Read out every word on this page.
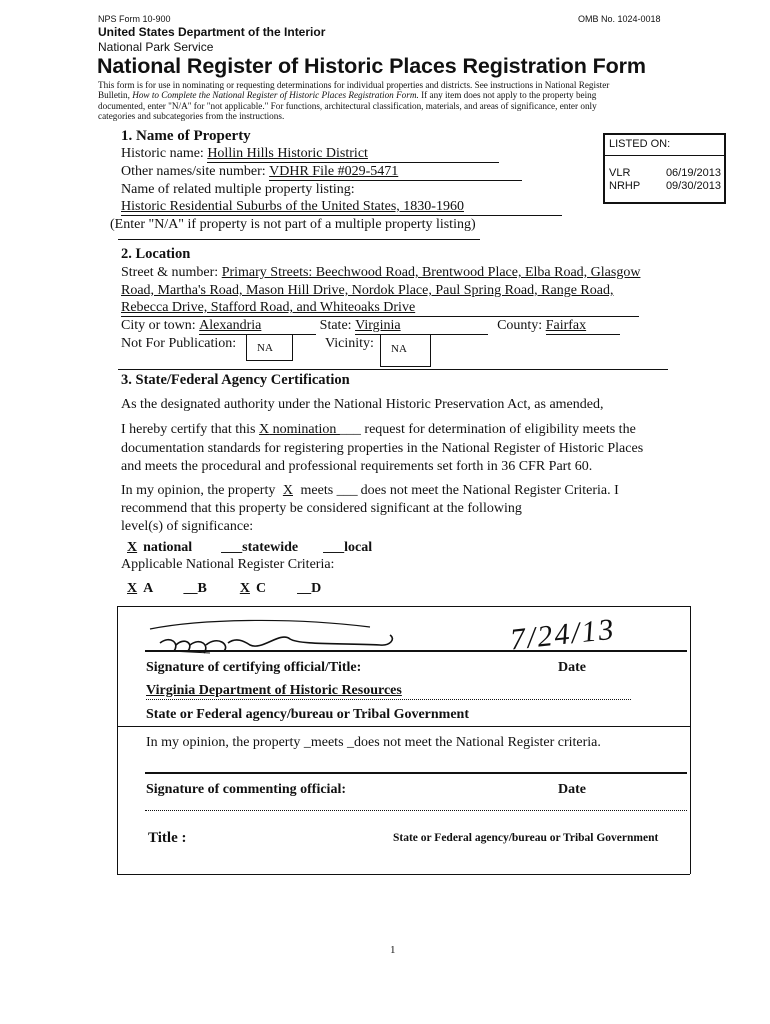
NPS Form 10-900	OMB No. 1024-0018
United States Department of the Interior
National Park Service
National Register of Historic Places Registration Form
This form is for use in nominating or requesting determinations for individual properties and districts. See instructions in National Register
Bulletin, How to Complete the National Register of Historic Places Registration Form. If any item does not apply to the property being
documented, enter "N/A" for "not applicable." For functions, architectural classification, materials, and areas of significance, enter only
categories and subcategories from the instructions.
LISTED ON:
VLR	06/19/2013
NRHP 09/30/2013
1. Name of Property
Historic name: Hollin Hills Historic District
Other names/site number: VDHR File #029-5471
Name of related multiple property listing:
Historic Residential Suburbs of the United States, 1830-1960
(Enter "N/A" if property is not part of a multiple property listing)
2. Location
Street & number: Primary Streets: Beechwood Road, Brentwood Place, Elba Road, Glasgow
Road, Martha's Road, Mason Hill Drive, Nordok Place, Paul Spring Road, Range Road,
Rebecca Drive, Stafford Road, and Whiteoaks Drive
City or town: Alexandria	State: Virginia	County: Fairfax
Not For Publication: NA	Vicinity: NA
3. State/Federal Agency Certification
As the designated authority under the National Historic Preservation Act, as amended,
I hereby certify that this X nomination ___ request for determination of eligibility meets the
documentation standards for registering properties in the National Register of Historic Places
and meets the procedural and professional requirements set forth in 36 CFR Part 60.
In my opinion, the property X meets ___ does not meet the National Register Criteria. I
recommend that this property be considered significant at the following
level(s) of significance:
X national ___statewide ___local
Applicable National Register Criteria:
X A __B X C __D
7/24/13
Signature of certifying official/Title:	Date
Virginia Department of Historic Resources
State or Federal agency/bureau or Tribal Government
In my opinion, the property _meets _does not meet the National Register criteria.
Signature of commenting official:	Date
Title :	State or Federal agency/bureau or Tribal Government
1
